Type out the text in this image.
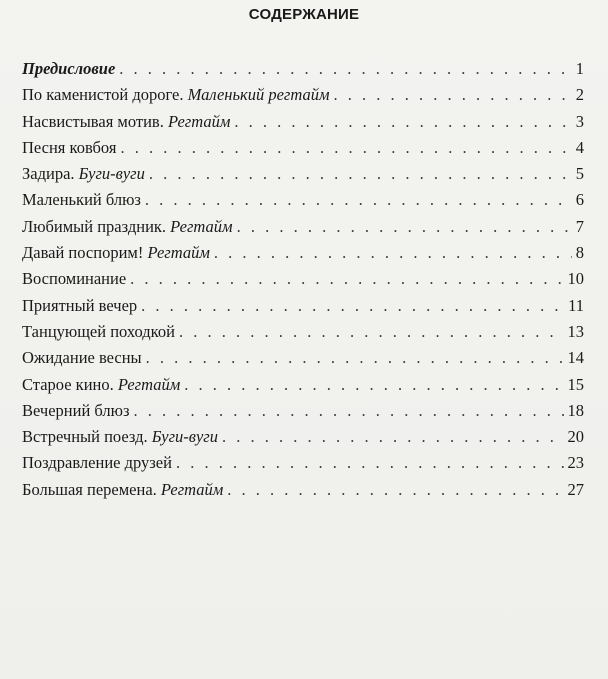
СОДЕРЖАНИЕ
Предисловие . . .	1
По каменистой дороге. Маленький регтайм . . .	2
Насвистывая мотив. Регтайм . . .	3
Песня ковбоя . . .	4
Задира. Буги-вуги . . .	5
Маленький блюз . . .	6
Любимый праздник. Регтайм . . .	7
Давай поспорим! Регтайм . . .	8
Воспоминание . . .	10
Приятный вечер . . .	11
Танцующей походкой . . .	13
Ожидание весны . . .	14
Старое кино. Регтайм . . .	15
Вечерний блюз . . .	18
Встречный поезд. Буги-вуги . . .	20
Поздравление друзей . . .	23
Большая перемена. Регтайм . . .	27
